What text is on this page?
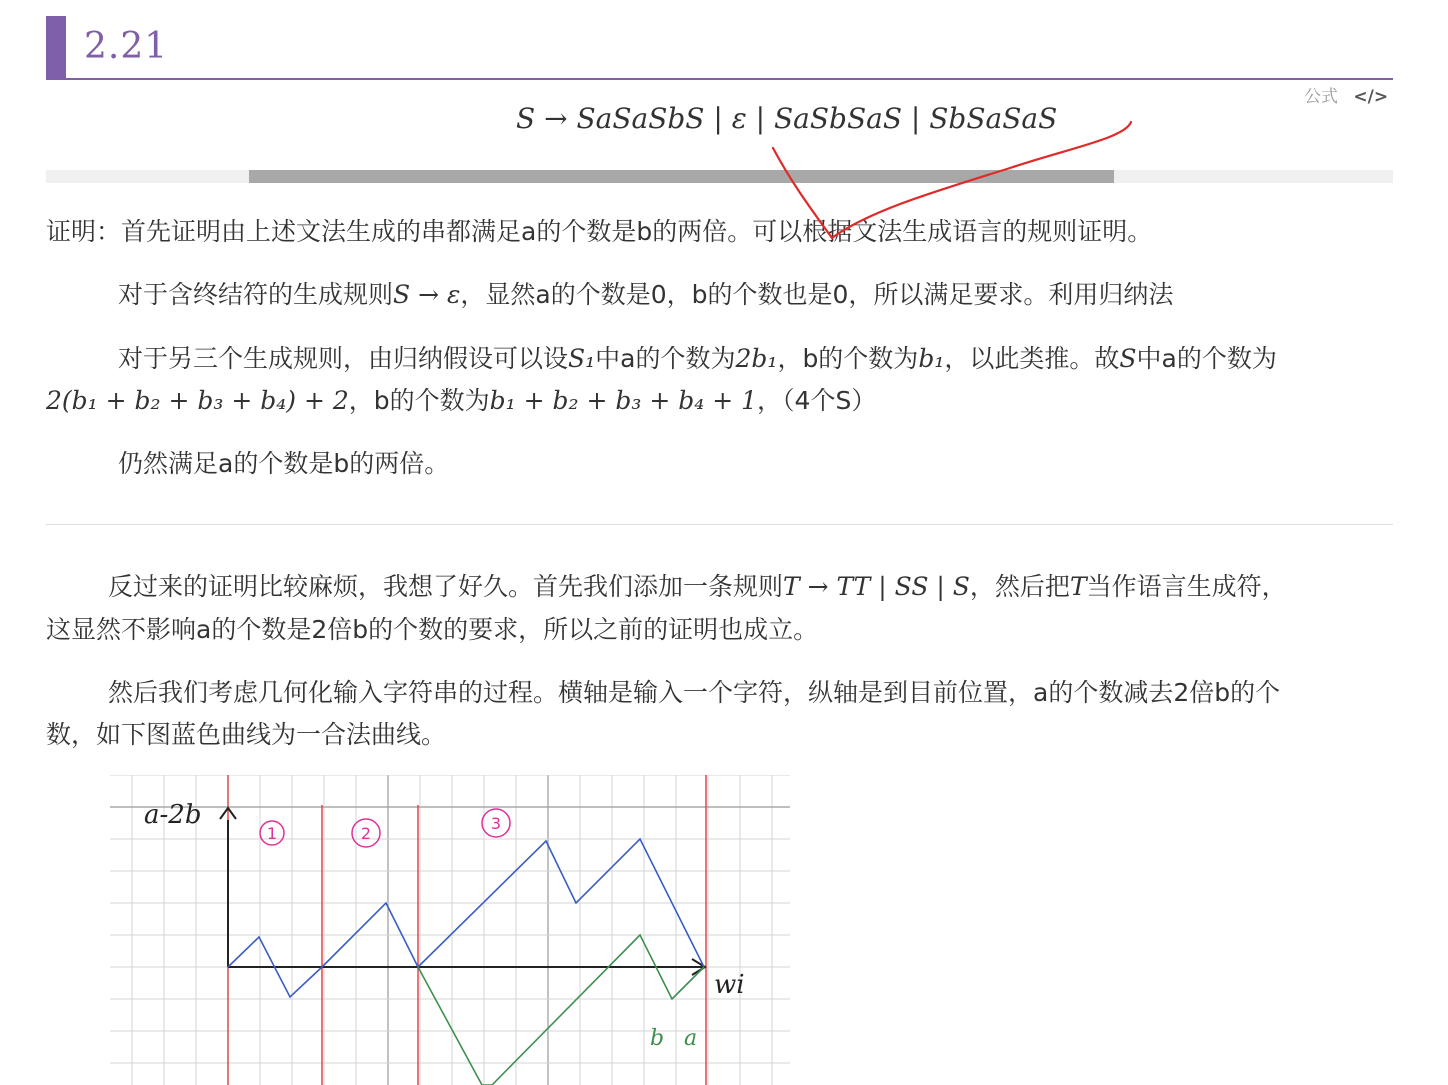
2.21
公式 </>
S → SaSaSbS | ε | SaSbSaS | SbSaSaS
证明：首先证明由上述文法生成的串都满足a的个数是b的两倍。可以根据文法生成语言的规则证明。
对于含终结符的生成规则S → ε，显然a的个数是0，b的个数也是0，所以满足要求。利用归纳法
对于另三个生成规则，由归纳假设可以设S₁中a的个数为2b₁，b的个数为b₁，以此类推。故S中a的个数为
2(b₁ + b₂ + b₃ + b₄) + 2，b的个数为b₁ + b₂ + b₃ + b₄ + 1，（4个S）
仍然满足a的个数是b的两倍。
反过来的证明比较麻烦，我想了好久。首先我们添加一条规则T → TT | SS | S，然后把T当作语言生成符，
这显然不影响a的个数是2倍b的个数的要求，所以之前的证明也成立。
然后我们考虑几何化输入字符串的过程。横轴是输入一个字符，纵轴是到目前位置，a的个数减去2倍b的个
数，如下图蓝色曲线为一合法曲线。
a-2b
wi
1	2
3
b a
